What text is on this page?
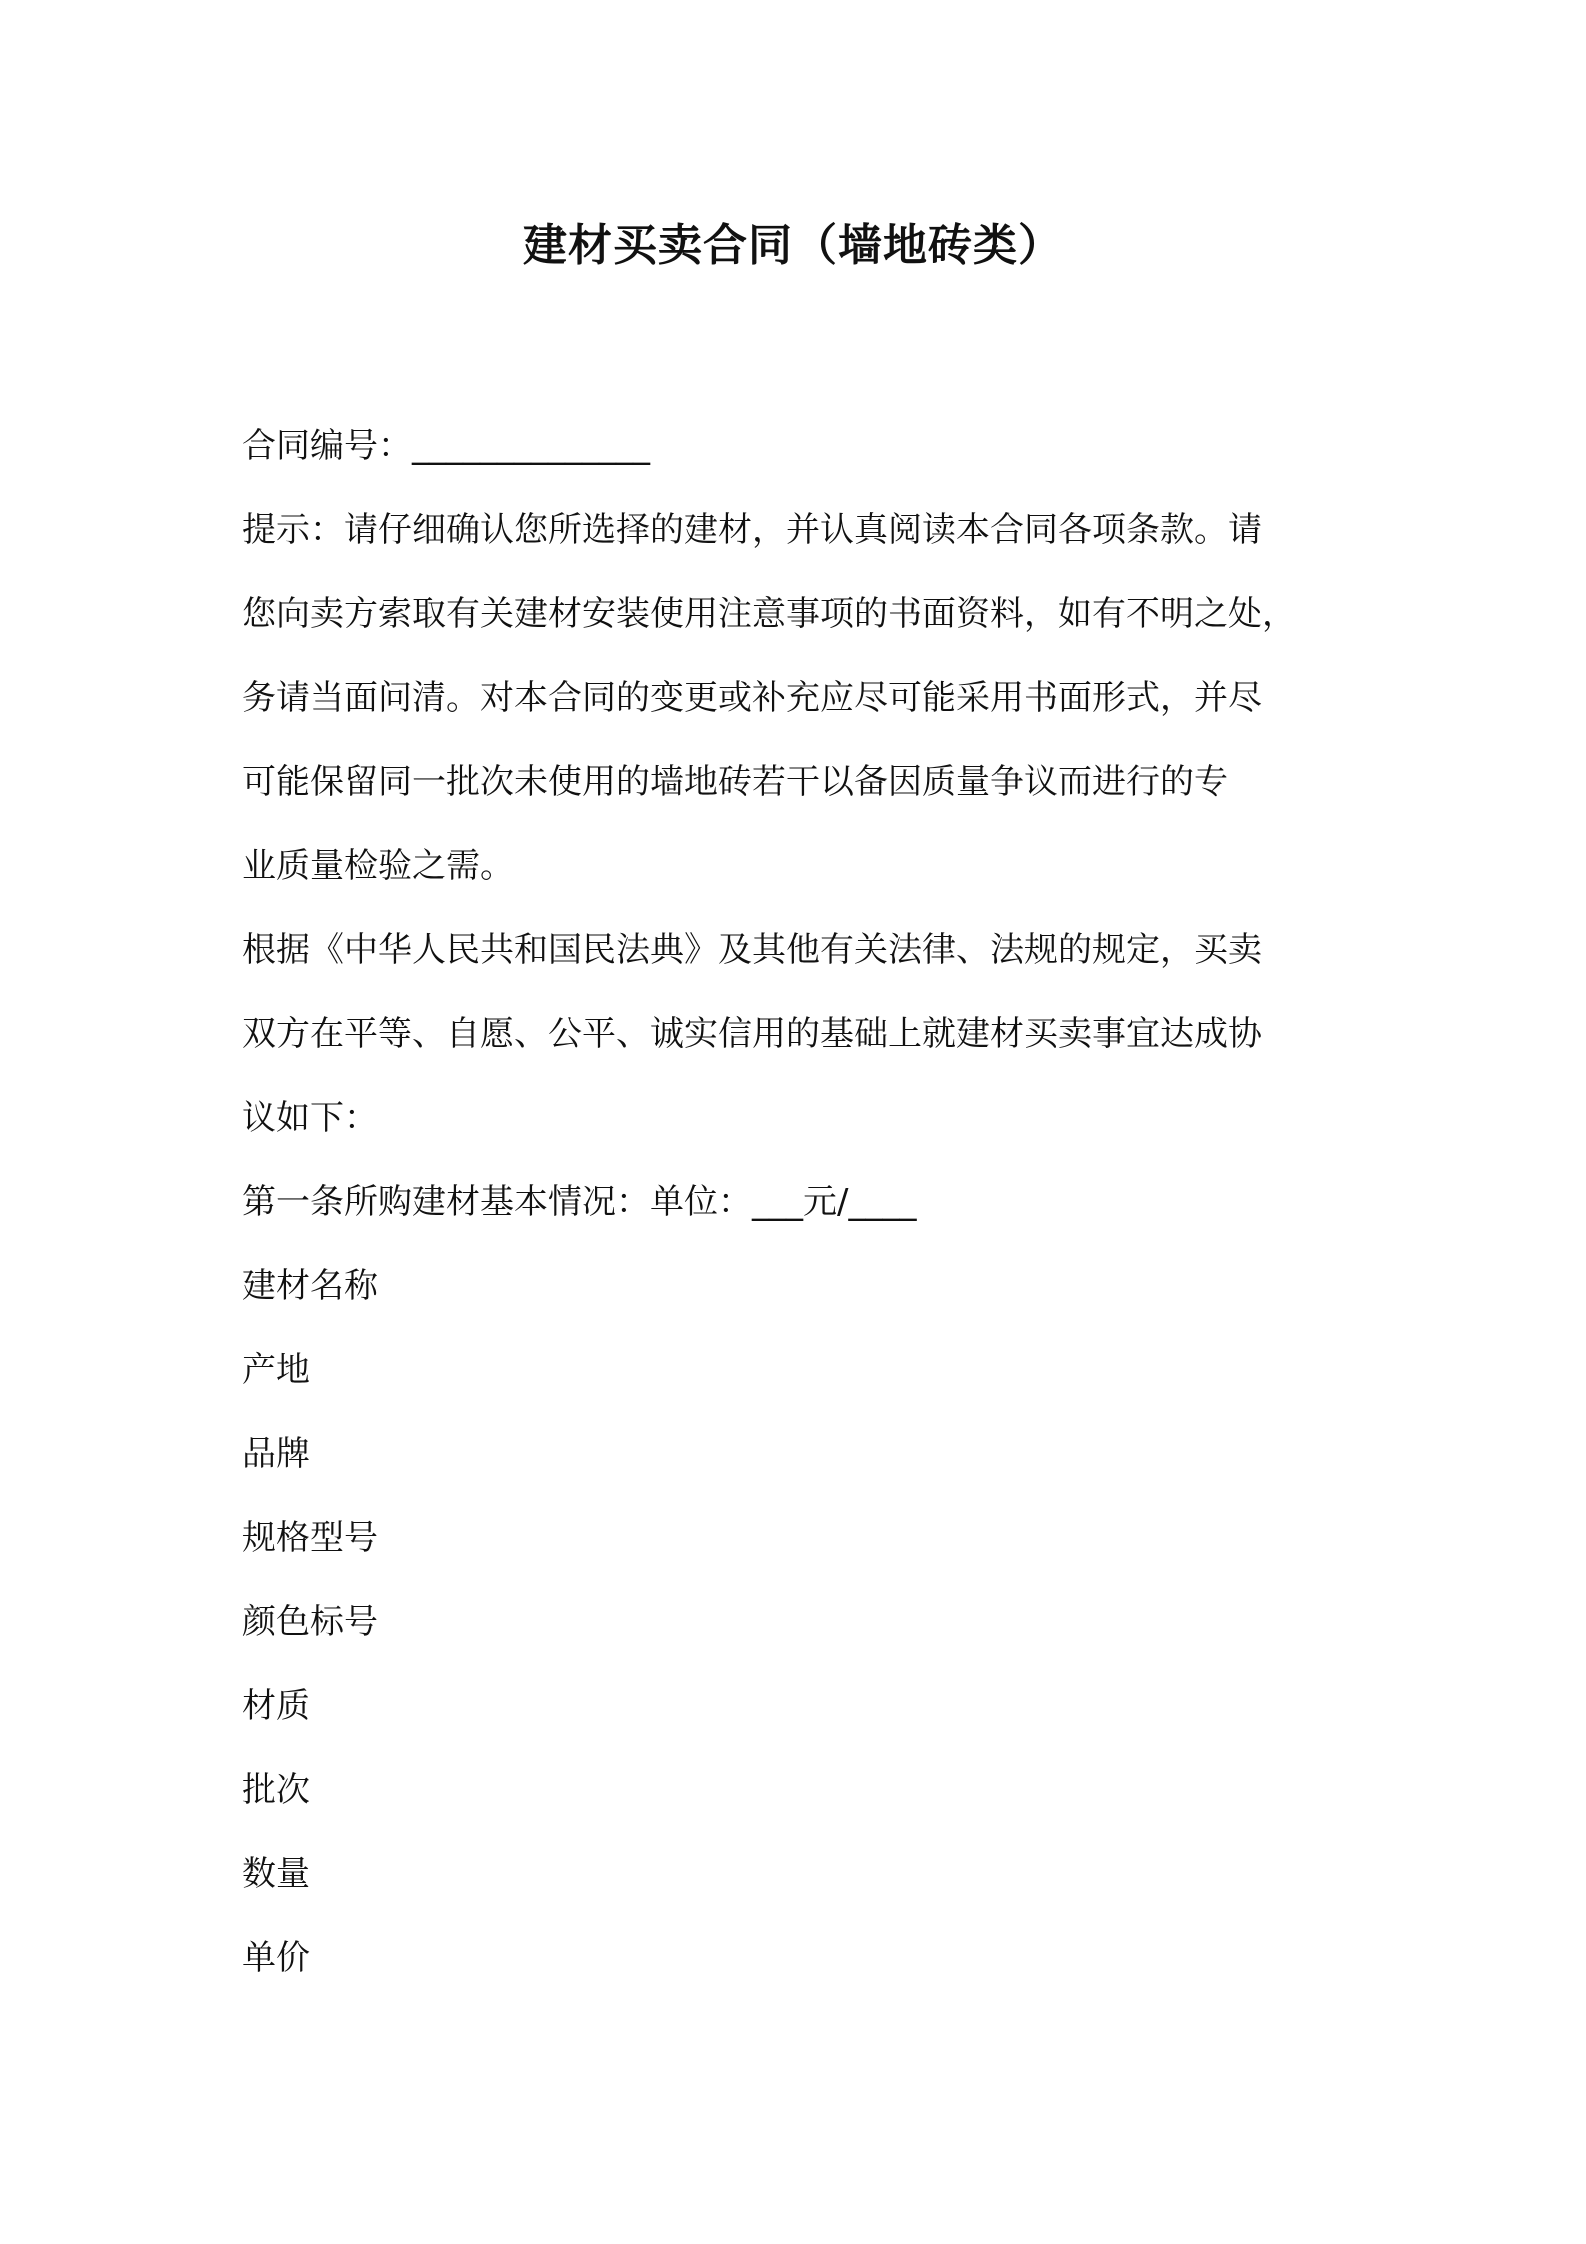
建材买卖合同（墙地砖类）
合同编号：______________
提示：请仔细确认您所选择的建材，并认真阅读本合同各项条款。请
您向卖方索取有关建材安装使用注意事项的书面资料，如有不明之处，
务请当面问清。对本合同的变更或补充应尽可能采用书面形式，并尽
可能保留同一批次未使用的墙地砖若干以备因质量争议而进行的专
业质量检验之需。
根据《中华人民共和国民法典》及其他有关法律、法规的规定，买卖
双方在平等、自愿、公平、诚实信用的基础上就建材买卖事宜达成协
议如下：
第一条所购建材基本情况：单位：___元/____
建材名称
产地
品牌
规格型号
颜色标号
材质
批次
数量
单价
